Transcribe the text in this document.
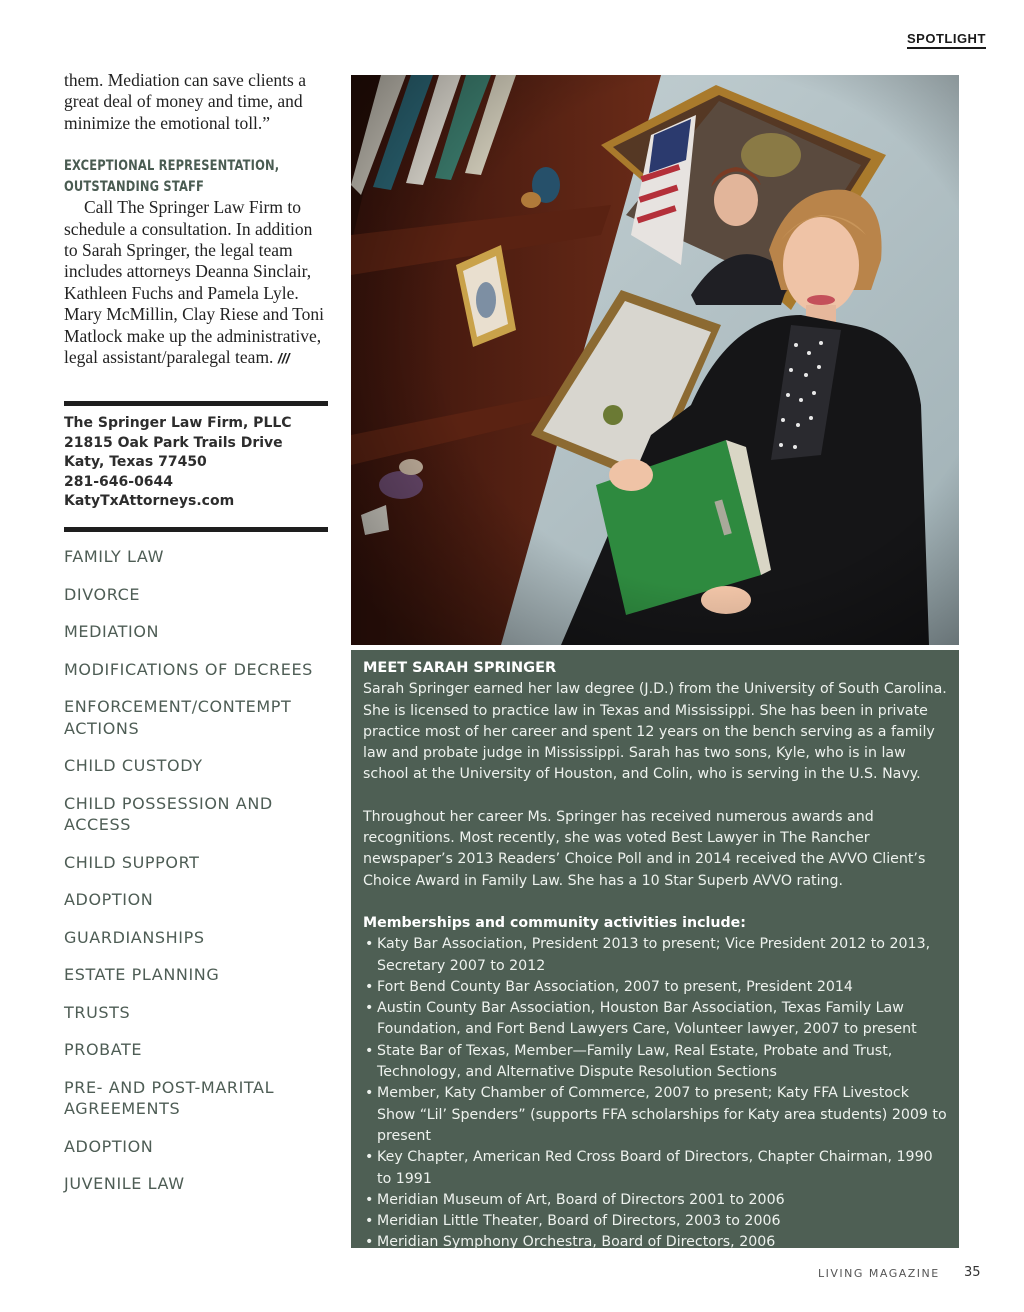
SPOTLIGHT

them. Mediation can save clients a great deal of money and time, and minimize the emotional toll.”

EXCEPTIONAL REPRESENTATION,
OUTSTANDING STAFF

Call The Springer Law Firm to schedule a consultation. In addition to Sarah Springer, the legal team includes attorneys Deanna Sinclair, Kathleen Fuchs and Pamela Lyle. Mary McMillin, Clay Riese and Toni Matlock make up the administrative, legal assistant/paralegal team. ///

The Springer Law Firm, PLLC
21815 Oak Park Trails Drive
Katy, Texas 77450
281-646-0644
KatyTxAttorneys.com
FAMILY LAW
DIVORCE
MEDIATION
MODIFICATIONS OF DECREES
ENFORCEMENT/CONTEMPT ACTIONS
CHILD CUSTODY
CHILD POSSESSION AND ACCESS
CHILD SUPPORT
ADOPTION
GUARDIANSHIPS
ESTATE PLANNING
TRUSTS
PROBATE
PRE- AND POST-MARITAL AGREEMENTS
ADOPTION
JUVENILE LAW
MEET SARAH SPRINGER

Sarah Springer earned her law degree (J.D.) from the University of South Carolina. She is licensed to practice law in Texas and Mississippi. She has been in private practice most of her career and spent 12 years on the bench serving as a family law and probate judge in Mississippi. Sarah has two sons, Kyle, who is in law school at the University of Houston, and Colin, who is serving in the U.S. Navy.

Throughout her career Ms. Springer has received numerous awards and recognitions. Most recently, she was voted Best Lawyer in The Rancher newspaper’s 2013 Readers’ Choice Poll and in 2014 received the AVVO Client’s Choice Award in Family Law. She has a 10 Star Superb AVVO rating.

Memberships and community activities include:
• Katy Bar Association, President 2013 to present; Vice President 2012 to 2013, Secretary 2007 to 2012
• Fort Bend County Bar Association, 2007 to present, President 2014
• Austin County Bar Association, Houston Bar Association, Texas Family Law Foundation, and Fort Bend Lawyers Care, Volunteer lawyer, 2007 to present
• State Bar of Texas, Member—Family Law, Real Estate, Probate and Trust, Technology, and Alternative Dispute Resolution Sections
• Member, Katy Chamber of Commerce, 2007 to present; Katy FFA Livestock Show “Lil’ Spenders” (supports FFA scholarships for Katy area students) 2009 to present
• Key Chapter, American Red Cross Board of Directors, Chapter Chairman, 1990 to 1991
• Meridian Museum of Art, Board of Directors 2001 to 2006
• Meridian Little Theater, Board of Directors, 2003 to 2006
• Meridian Symphony Orchestra, Board of Directors, 2006
LIVING MAGAZINE 35
